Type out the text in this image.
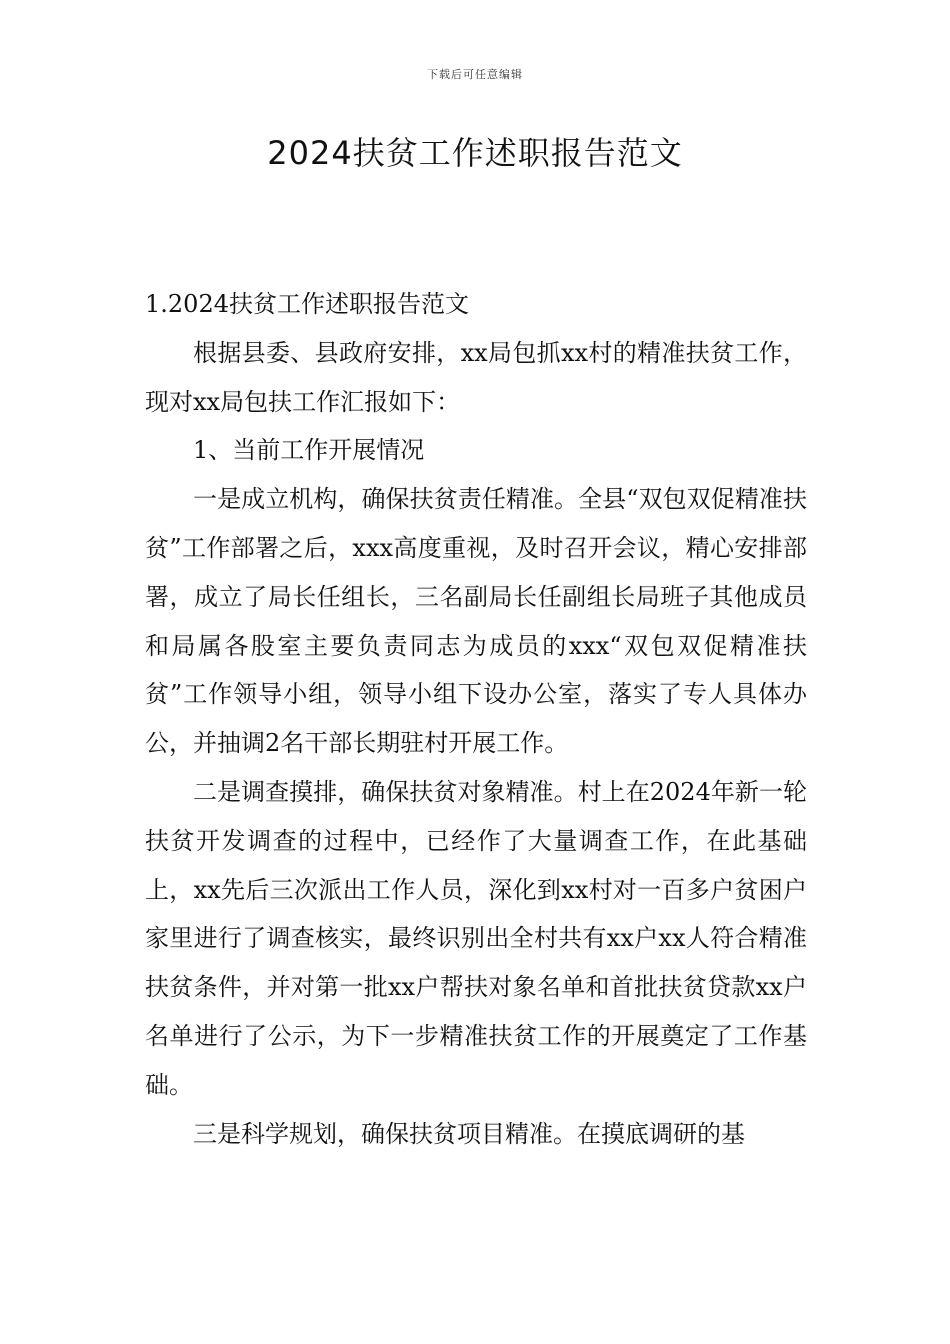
下载后可任意编辑
2024扶贫工作述职报告范文

1.2024扶贫工作述职报告范文

根据县委、县政府安排，xx局包抓xx村的精准扶贫工作，现对xx局包扶工作汇报如下：

1、当前工作开展情况

一是成立机构，确保扶贫责任精准。全县“双包双促精准扶贫”工作部署之后，xxx高度重视，及时召开会议，精心安排部署，成立了局长任组长，三名副局长任副组长局班子其他成员和局属各股室主要负责同志为成员的xxx“双包双促精准扶贫”工作领导小组，领导小组下设办公室，落实了专人具体办公，并抽调2名干部长期驻村开展工作。

二是调查摸排，确保扶贫对象精准。村上在2024年新一轮扶贫开发调查的过程中，已经作了大量调查工作，在此基础上，xx先后三次派出工作人员，深化到xx村对一百多户贫困户家里进行了调查核实，最终识别出全村共有xx户xx人符合精准扶贫条件，并对第一批xx户帮扶对象名单和首批扶贫贷款xx户名单进行了公示，为下一步精准扶贫工作的开展奠定了工作基础。

三是科学规划，确保扶贫项目精准。在摸底调研的基
